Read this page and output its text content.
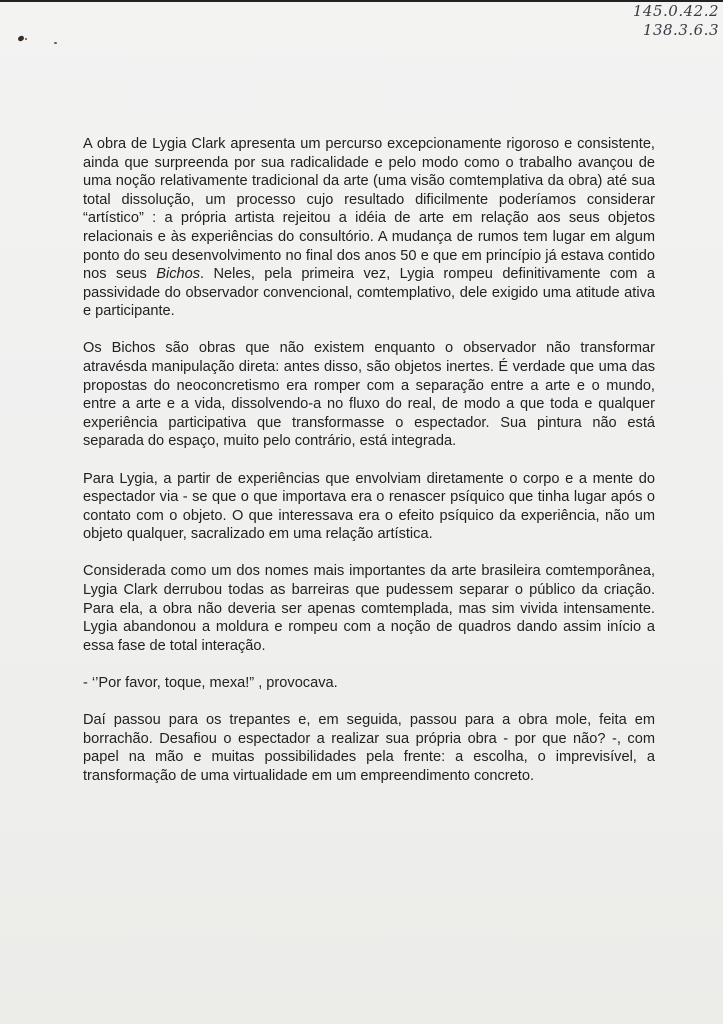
145.0.42.2
138.3.6.3

A obra de Lygia Clark apresenta um percurso excepcionamente rigoroso e consistente, ainda que surpreenda por sua radicalidade e pelo modo como o trabalho avançou de uma noção relativamente tradicional da arte (uma visão comtemplativa da obra) até sua total dissolução, um processo cujo resultado dificilmente poderíamos considerar “artístico” : a própria artista rejeitou a idéia de arte em relação aos seus objetos relacionais e às experiências do consultório. A mudança de rumos tem lugar em algum ponto do seu desenvolvimento no final dos anos 50 e que em princípio já estava contido nos seus Bichos. Neles, pela primeira vez, Lygia rompeu definitivamente com a passividade do observador convencional, comtemplativo, dele exigido uma atitude ativa e participante.

Os Bichos são obras que não existem enquanto o observador não transformar atravésda manipulação direta: antes disso, são objetos inertes. É verdade que uma das propostas do neoconcretismo era romper com a separação entre a arte e o mundo, entre a arte e a vida, dissolvendo-a no fluxo do real, de modo a que toda e qualquer experiência participativa que transformasse o espectador. Sua pintura não está separada do espaço, muito pelo contrário, está integrada.

Para Lygia, a partir de experiências que envolviam diretamente o corpo e a mente do espectador via - se que o que importava era o renascer psíquico que tinha lugar após o contato com o objeto. O que interessava era o efeito psíquico da experiência, não um objeto qualquer, sacralizado em uma relação artística.

Considerada como um dos nomes mais importantes da arte brasileira comtemporânea, Lygia Clark derrubou todas as barreiras que pudessem separar o público da criação. Para ela, a obra não deveria ser apenas comtemplada, mas sim vivida intensamente. Lygia abandonou a moldura e rompeu com a noção de quadros dando assim início a essa fase de total interação.

- ‘’Por favor, toque, mexa!” , provocava.

Daí passou para os trepantes e, em seguida, passou para a obra mole, feita em borrachão. Desafiou o espectador a realizar sua própria obra - por que não? -, com papel na mão e muitas possibilidades pela frente: a escolha, o imprevisível, a transformação de uma virtualidade em um empreendimento concreto.
